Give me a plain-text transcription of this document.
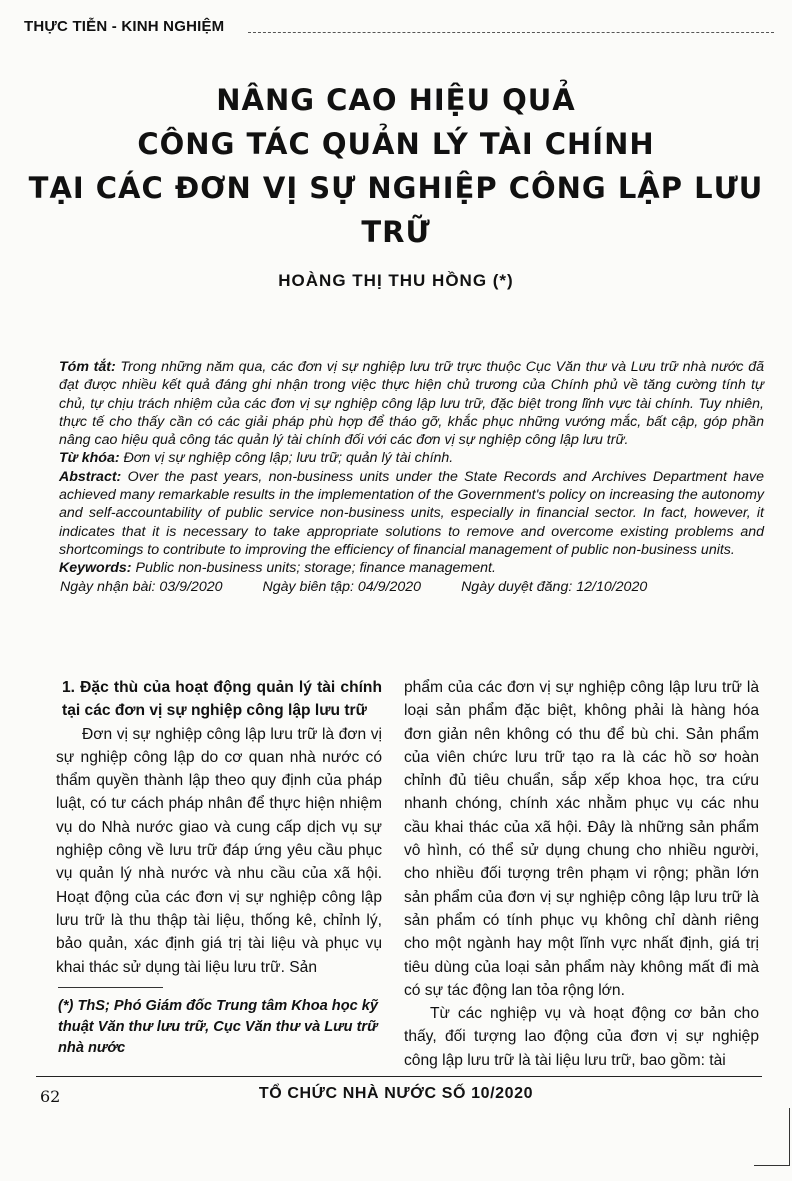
THỰC TIỄN - KINH NGHIỆM
NÂNG CAO HIỆU QUẢ
CÔNG TÁC QUẢN LÝ TÀI CHÍNH
TẠI CÁC ĐƠN VỊ SỰ NGHIỆP CÔNG LẬP LƯU TRỮ
HOÀNG THỊ THU HỒNG (*)

Tóm tắt: Trong những năm qua, các đơn vị sự nghiệp lưu trữ trực thuộc Cục Văn thư và Lưu trữ nhà nước đã đạt được nhiều kết quả đáng ghi nhận trong việc thực hiện chủ trương của Chính phủ về tăng cường tính tự chủ, tự chịu trách nhiệm của các đơn vị sự nghiệp công lập lưu trữ, đặc biệt trong lĩnh vực tài chính. Tuy nhiên, thực tế cho thấy cần có các giải pháp phù hợp để tháo gỡ, khắc phục những vướng mắc, bất cập, góp phần nâng cao hiệu quả công tác quản lý tài chính đối với các đơn vị sự nghiệp công lập lưu trữ.

Từ khóa: Đơn vị sự nghiệp công lập; lưu trữ; quản lý tài chính.

Abstract: Over the past years, non-business units under the State Records and Archives Department have achieved many remarkable results in the implementation of the Government's policy on increasing the autonomy and self-accountability of public service non-business units, especially in financial sector. In fact, however, it indicates that it is necessary to take appropriate solutions to remove and overcome existing problems and shortcomings to contribute to improving the efficiency of financial management of public non-business units.

Keywords: Public non-business units; storage; finance management.

Ngày nhận bài: 03/9/2020	Ngày biên tập: 04/9/2020	Ngày duyệt đăng: 12/10/2020

1. Đặc thù của hoạt động quản lý tài chính tại các đơn vị sự nghiệp công lập lưu trữ

Đơn vị sự nghiệp công lập lưu trữ là đơn vị sự nghiệp công lập do cơ quan nhà nước có thẩm quyền thành lập theo quy định của pháp luật, có tư cách pháp nhân để thực hiện nhiệm vụ do Nhà nước giao và cung cấp dịch vụ sự nghiệp công về lưu trữ đáp ứng yêu cầu phục vụ quản lý nhà nước và nhu cầu của xã hội. Hoạt động của các đơn vị sự nghiệp công lập lưu trữ là thu thập tài liệu, thống kê, chỉnh lý, bảo quản, xác định giá trị tài liệu và phục vụ khai thác sử dụng tài liệu lưu trữ. Sản

phẩm của các đơn vị sự nghiệp công lập lưu trữ là loại sản phẩm đặc biệt, không phải là hàng hóa đơn giản nên không có thu để bù chi. Sản phẩm của viên chức lưu trữ tạo ra là các hồ sơ hoàn chỉnh đủ tiêu chuẩn, sắp xếp khoa học, tra cứu nhanh chóng, chính xác nhằm phục vụ các nhu cầu khai thác của xã hội. Đây là những sản phẩm vô hình, có thể sử dụng chung cho nhiều người, cho nhiều đối tượng trên phạm vi rộng; phần lớn sản phẩm của đơn vị sự nghiệp công lập lưu trữ là sản phẩm có tính phục vụ không chỉ dành riêng cho một ngành hay một lĩnh vực nhất định, giá trị tiêu dùng của loại sản phẩm này không mất đi mà có sự tác động lan tỏa rộng lớn.

Từ các nghiệp vụ và hoạt động cơ bản cho thấy, đối tượng lao động của đơn vị sự nghiệp công lập lưu trữ là tài liệu lưu trữ, bao gồm: tài

(*) ThS; Phó Giám đốc Trung tâm Khoa học kỹ thuật Văn thư lưu trữ, Cục Văn thư và Lưu trữ nhà nước
62	TỔ CHỨC NHÀ NƯỚC SỐ 10/2020
